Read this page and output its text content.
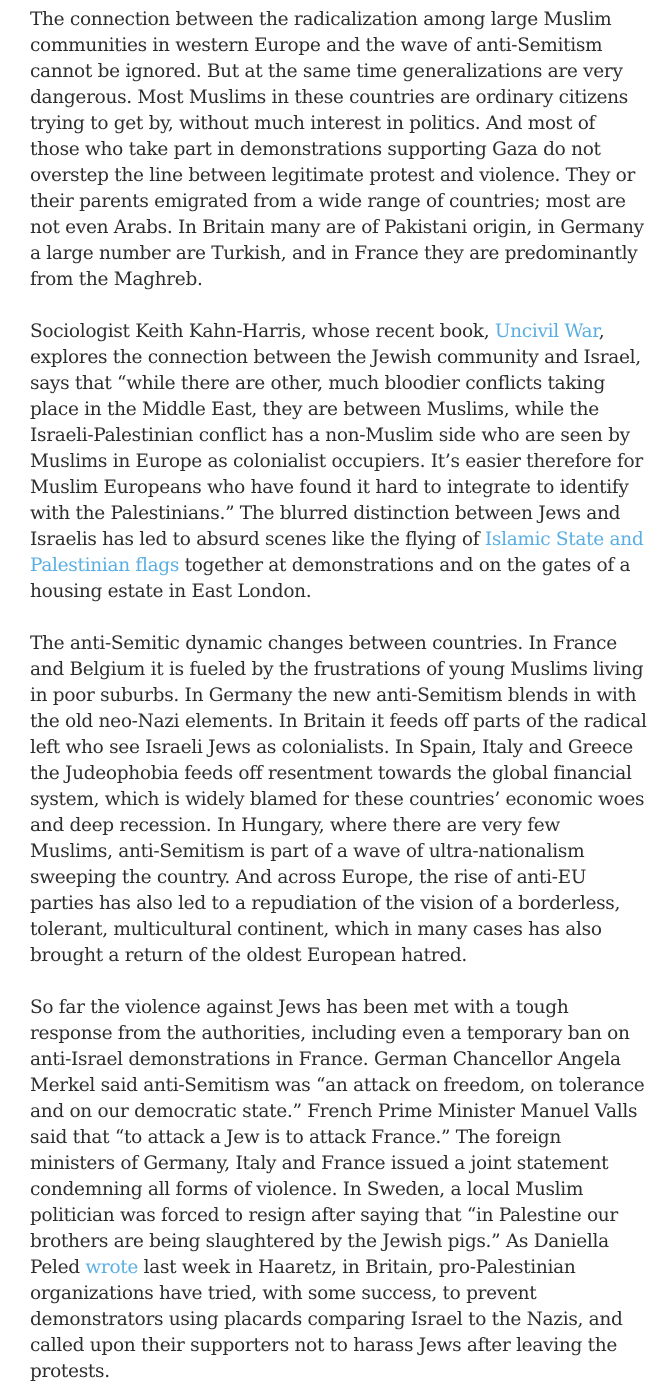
The connection between the radicalization among large Muslim communities in western Europe and the wave of anti-Semitism cannot be ignored. But at the same time generalizations are very dangerous. Most Muslims in these countries are ordinary citizens trying to get by, without much interest in politics. And most of those who take part in demonstrations supporting Gaza do not overstep the line between legitimate protest and violence. They or their parents emigrated from a wide range of countries; most are not even Arabs. In Britain many are of Pakistani origin, in Germany a large number are Turkish, and in France they are predominantly from the Maghreb.

Sociologist Keith Kahn-Harris, whose recent book, Uncivil War, explores the connection between the Jewish community and Israel, says that “while there are other, much bloodier conflicts taking place in the Middle East, they are between Muslims, while the Israeli-Palestinian conflict has a non-Muslim side who are seen by Muslims in Europe as colonialist occupiers. It’s easier therefore for Muslim Europeans who have found it hard to integrate to identify with the Palestinians.” The blurred distinction between Jews and Israelis has led to absurd scenes like the flying of Islamic State and Palestinian flags together at demonstrations and on the gates of a housing estate in East London.

The anti-Semitic dynamic changes between countries. In France and Belgium it is fueled by the frustrations of young Muslims living in poor suburbs. In Germany the new anti-Semitism blends in with the old neo-Nazi elements. In Britain it feeds off parts of the radical left who see Israeli Jews as colonialists. In Spain, Italy and Greece the Judeophobia feeds off resentment towards the global financial system, which is widely blamed for these countries’ economic woes and deep recession. In Hungary, where there are very few Muslims, anti-Semitism is part of a wave of ultra-nationalism sweeping the country. And across Europe, the rise of anti-EU parties has also led to a repudiation of the vision of a borderless, tolerant, multicultural continent, which in many cases has also brought a return of the oldest European hatred.

So far the violence against Jews has been met with a tough response from the authorities, including even a temporary ban on anti-Israel demonstrations in France. German Chancellor Angela Merkel said anti-Semitism was “an attack on freedom, on tolerance and on our democratic state.” French Prime Minister Manuel Valls said that “to attack a Jew is to attack France.” The foreign ministers of Germany, Italy and France issued a joint statement condemning all forms of violence. In Sweden, a local Muslim politician was forced to resign after saying that “in Palestine our brothers are being slaughtered by the Jewish pigs.” As Daniella Peled wrote last week in Haaretz, in Britain, pro-Palestinian organizations have tried, with some success, to prevent demonstrators using placards comparing Israel to the Nazis, and called upon their supporters not to harass Jews after leaving the protests.
